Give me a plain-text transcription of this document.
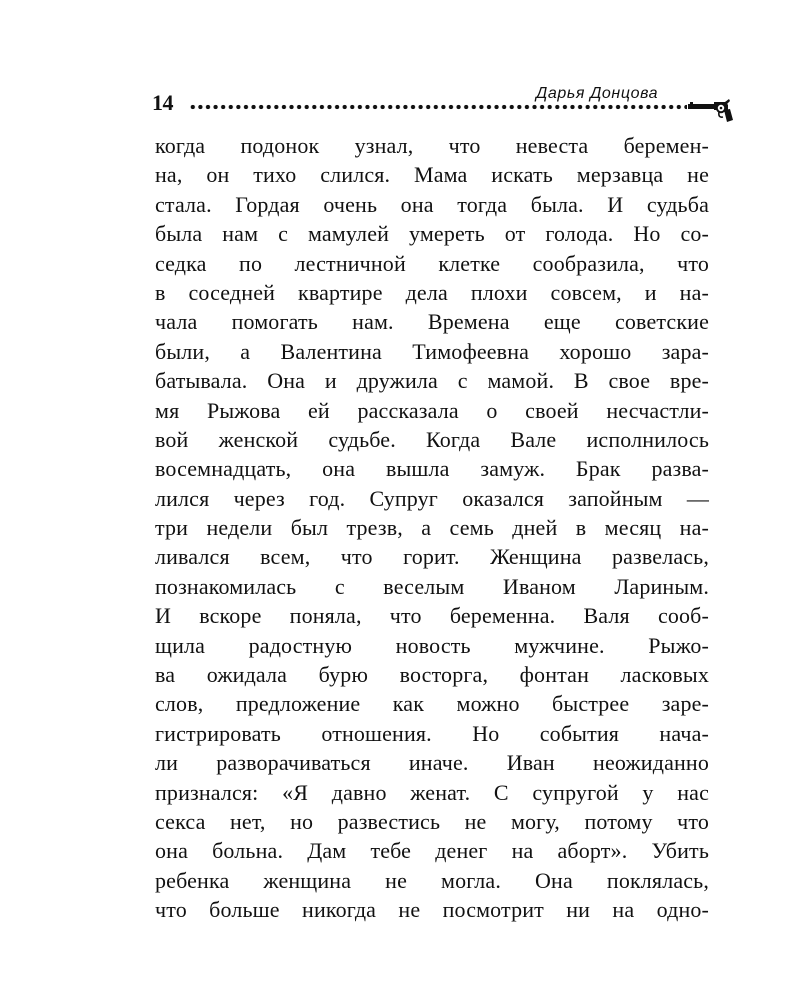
14	Дарья Донцова
когда подонок узнал, что невеста беремен-
на, он тихо слился. Мама искать мерзавца не
стала. Гордая очень она тогда была. И судьба
была нам с мамулей умереть от голода. Но со-
седка по лестничной клетке сообразила, что
в соседней квартире дела плохи совсем, и на-
чала помогать нам. Времена еще советские
были, а Валентина Тимофеевна хорошо зара-
батывала. Она и дружила с мамой. В свое вре-
мя Рыжова ей рассказала о своей несчастли-
вой женской судьбе. Когда Вале исполнилось
восемнадцать, она вышла замуж. Брак разва-
лился через год. Супруг оказался запойным —
три недели был трезв, а семь дней в месяц на-
ливался всем, что горит. Женщина развелась,
познакомилась с веселым Иваном Лариным.
И вскоре поняла, что беременна. Валя сооб-
щила радостную новость мужчине. Рыжо-
ва ожидала бурю восторга, фонтан ласковых
слов, предложение как можно быстрее заре-
гистрировать отношения. Но события нача-
ли разворачиваться иначе. Иван неожиданно
признался: «Я давно женат. С супругой у нас
секса нет, но развестись не могу, потому что
она больна. Дам тебе денег на аборт». Убить
ребенка женщина не могла. Она поклялась,
что больше никогда не посмотрит ни на одно-
